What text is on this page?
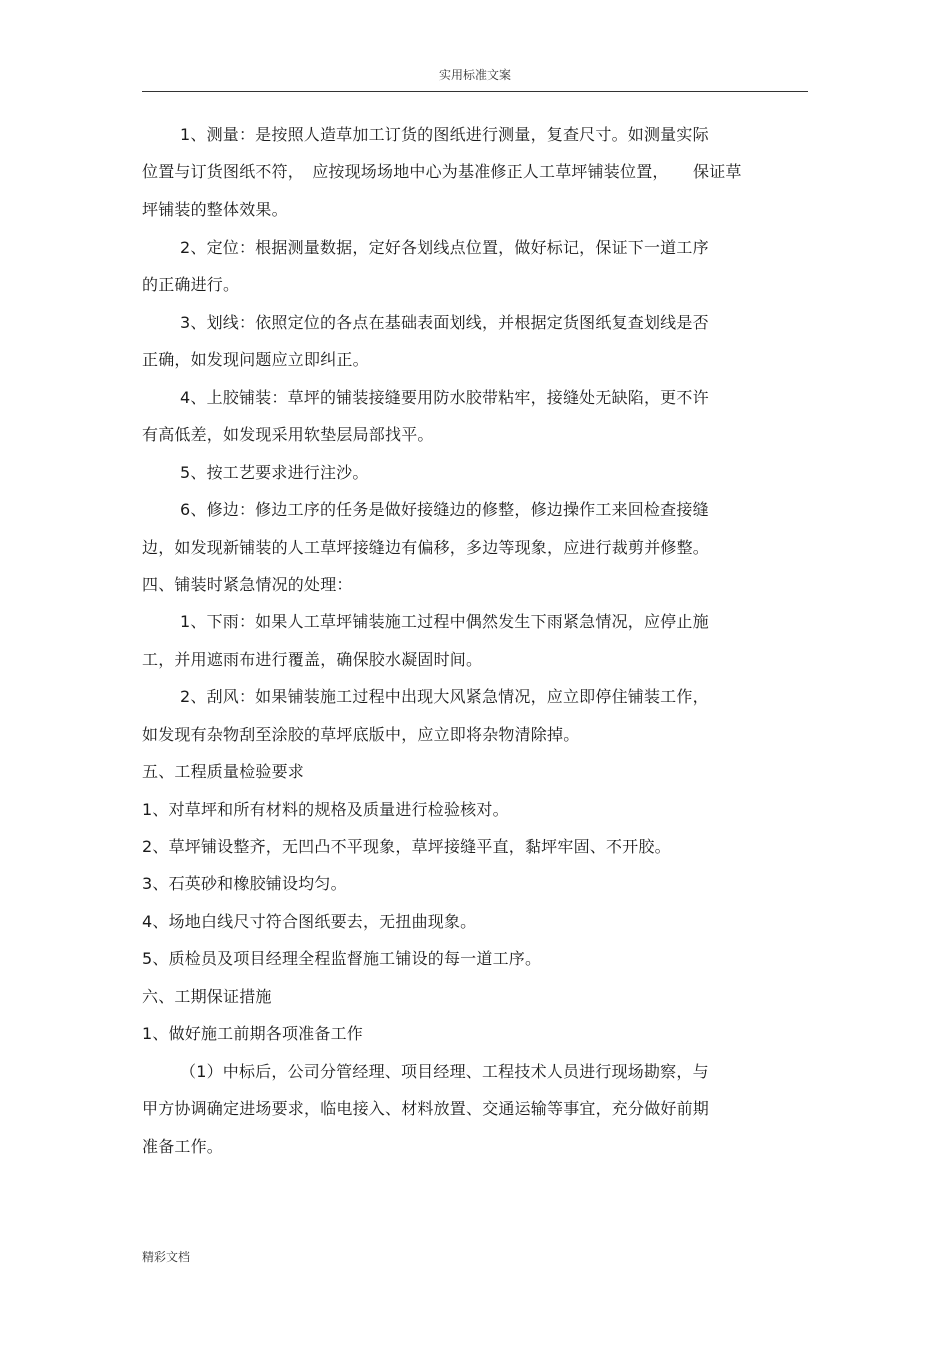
实用标准文案
1、测量：是按照人造草加工订货的图纸进行测量，复查尺寸。如测量实际
位置与订货图纸不符，　应按现场场地中心为基准修正人工草坪铺装位置，　　保证草
坪铺装的整体效果。
2、定位：根据测量数据，定好各划线点位置，做好标记，保证下一道工序
的正确进行。
3、划线：依照定位的各点在基础表面划线，并根据定货图纸复查划线是否
正确，如发现问题应立即纠正。
4、上胶铺装：草坪的铺装接缝要用防水胶带粘牢，接缝处无缺陷，更不许
有高低差，如发现采用软垫层局部找平。
5、按工艺要求进行注沙。
6、修边：修边工序的任务是做好接缝边的修整，修边操作工来回检查接缝
边，如发现新铺装的人工草坪接缝边有偏移，多边等现象，应进行裁剪并修整。
四、铺装时紧急情况的处理：
1、下雨：如果人工草坪铺装施工过程中偶然发生下雨紧急情况，应停止施
工，并用遮雨布进行覆盖，确保胶水凝固时间。
2、刮风：如果铺装施工过程中出现大风紧急情况，应立即停住铺装工作，
如发现有杂物刮至涂胶的草坪底版中，应立即将杂物清除掉。
五、工程质量检验要求
1、对草坪和所有材料的规格及质量进行检验核对。
2、草坪铺设整齐，无凹凸不平现象，草坪接缝平直，黏坪牢固、不开胶。
3、石英砂和橡胶铺设均匀。
4、场地白线尺寸符合图纸要去，无扭曲现象。
5、质检员及项目经理全程监督施工铺设的每一道工序。
六、工期保证措施
1、做好施工前期各项准备工作
（1）中标后，公司分管经理、项目经理、工程技术人员进行现场勘察，与
甲方协调确定进场要求，临电接入、材料放置、交通运输等事宜，充分做好前期
准备工作。
精彩文档
